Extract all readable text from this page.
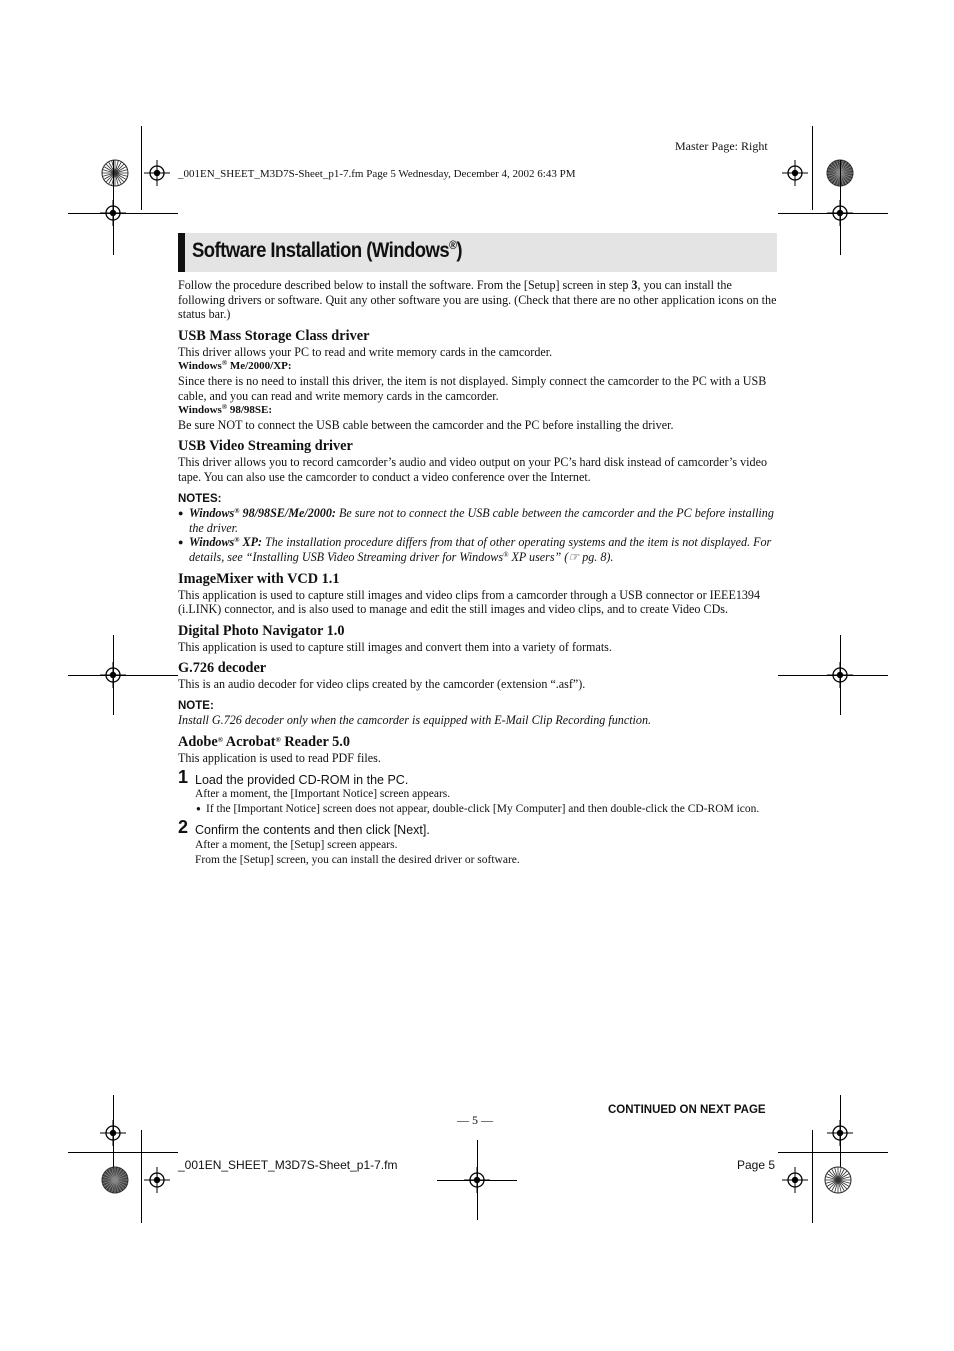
Master Page: Right
_001EN_SHEET_M3D7S-Sheet_p1-7.fm Page 5 Wednesday, December 4, 2002 6:43 PM
Software Installation (Windows®)

Follow the procedure described below to install the software. From the [Setup] screen in step 3, you can install the following drivers or software. Quit any other software you are using. (Check that there are no other application icons on the status bar.)

USB Mass Storage Class driver

This driver allows your PC to read and write memory cards in the camcorder.

Windows® Me/2000/XP:

Since there is no need to install this driver, the item is not displayed. Simply connect the camcorder to the PC with a USB cable, and you can read and write memory cards in the camcorder.

Windows® 98/98SE:

Be sure NOT to connect the USB cable between the camcorder and the PC before installing the driver.

USB Video Streaming driver

This driver allows you to record camcorder’s audio and video output on your PC’s hard disk instead of camcorder’s video tape. You can also use the camcorder to conduct a video conference over the Internet.

NOTES:

● Windows® 98/98SE/Me/2000: Be sure not to connect the USB cable between the camcorder and the PC before installing the driver.

● Windows® XP: The installation procedure differs from that of other operating systems and the item is not displayed. For details, see “Installing USB Video Streaming driver for Windows® XP users” (☞ pg. 8).

ImageMixer with VCD 1.1

This application is used to capture still images and video clips from a camcorder through a USB connector or IEEE1394 (i.LINK) connector, and is also used to manage and edit the still images and video clips, and to create Video CDs.

Digital Photo Navigator 1.0

This application is used to capture still images and convert them into a variety of formats.

G.726 decoder

This is an audio decoder for video clips created by the camcorder (extension “.asf”).

NOTE:

Install G.726 decoder only when the camcorder is equipped with E-Mail Clip Recording function.

Adobe® Acrobat® Reader 5.0

This application is used to read PDF files.

1 Load the provided CD-ROM in the PC.

After a moment, the [Important Notice] screen appears.

● If the [Important Notice] screen does not appear, double-click [My Computer] and then double-click the CD-ROM icon.

2 Confirm the contents and then click [Next].

After a moment, the [Setup] screen appears.

From the [Setup] screen, you can install the desired driver or software.

CONTINUED ON NEXT PAGE
— 5 —
_001EN_SHEET_M3D7S-Sheet_p1-7.fm	Page 5
